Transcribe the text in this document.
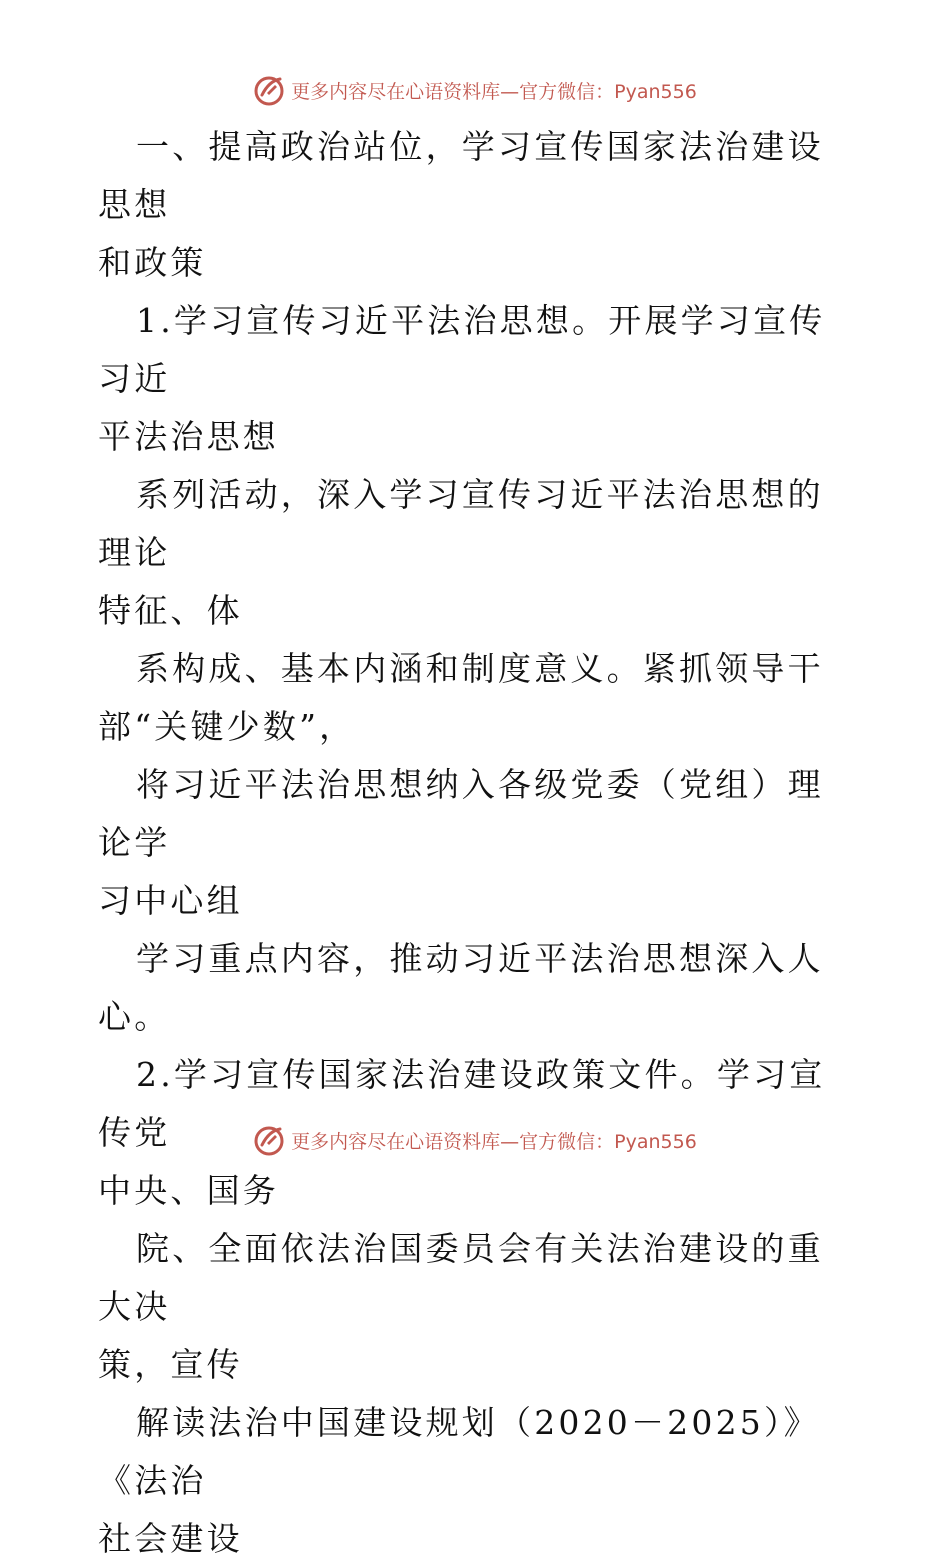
更多内容尽在心语资料库—官方微信：Pyan556

一、提高政治站位，学习宣传国家法治建设思想
和政策

1.学习宣传习近平法治思想。开展学习宣传习近
平法治思想

系列活动，深入学习宣传习近平法治思想的理论
特征、体

系构成、基本内涵和制度意义。紧抓领导干
部“关键少数”，

将习近平法治思想纳入各级党委（党组）理论学
习中心组

学习重点内容，推动习近平法治思想深入人心。

2.学习宣传国家法治建设政策文件。学习宣传党
中央、国务

院、全面依法治国委员会有关法治建设的重大决
策，宣传

解读法治中国建设规划（2020－2025）》《法治
社会建设

更多内容尽在心语资料库—官方微信：Pyan556
